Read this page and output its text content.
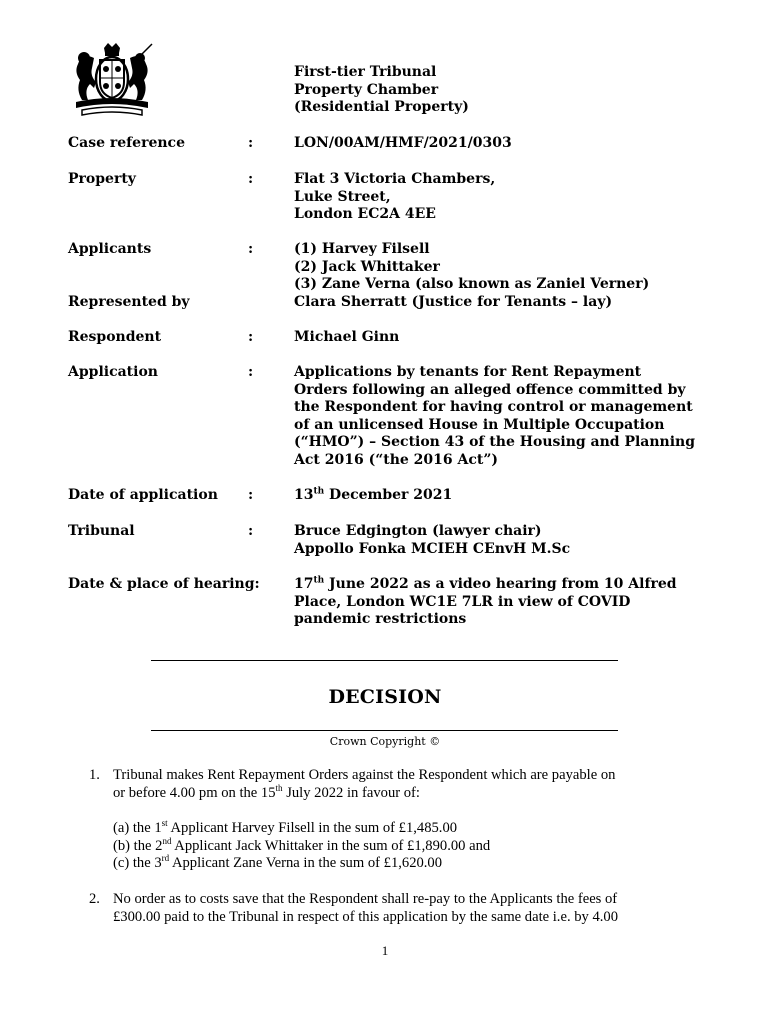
First-tier Tribunal
Property Chamber
(Residential Property)
Case reference	:	LON/00AM/HMF/2021/0303
Property	:	Flat 3 Victoria Chambers,
Luke Street,
London EC2A 4EE
Applicants	:	(1) Harvey Filsell
(2) Jack Whittaker
(3) Zane Verna (also known as Zaniel Verner)
Represented by	Clara Sherratt (Justice for Tenants – lay)
Respondent	:	Michael Ginn
Application	:	Applications by tenants for Rent Repayment
Orders following an alleged offence committed by
the Respondent for having control or management
of an unlicensed House in Multiple Occupation
(“HMO”) – Section 43 of the Housing and Planning
Act 2016 (“the 2016 Act”)
Date of application :	13th December 2021
Tribunal	:	Bruce Edgington (lawyer chair)
Appollo Fonka MCIEH CEnvH M.Sc
Date & place of hearing: 17th June 2022 as a video hearing from 10 Alfred
Place, London WC1E 7LR in view of COVID
pandemic restrictions
DECISION
Crown Copyright ©
1. Tribunal makes Rent Repayment Orders against the Respondent which are payable on
or before 4.00 pm on the 15th July 2022 in favour of:
(a) the 1st Applicant Harvey Filsell in the sum of £1,485.00
(b) the 2nd Applicant Jack Whittaker in the sum of £1,890.00 and
(c) the 3rd Applicant Zane Verna in the sum of £1,620.00
2. No order as to costs save that the Respondent shall re-pay to the Applicants the fees of
£300.00 paid to the Tribunal in respect of this application by the same date i.e. by 4.00
1
